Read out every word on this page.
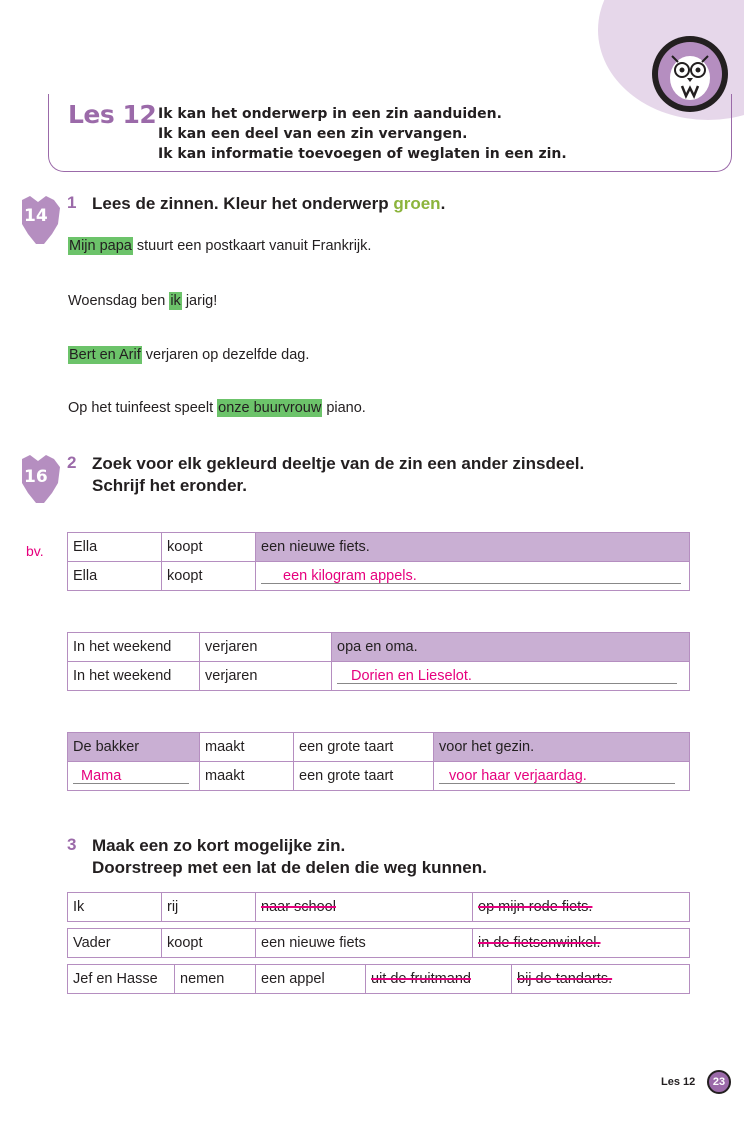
Les 12 Ik kan het onderwerp in een zin aanduiden.
Ik kan een deel van een zin vervangen.
Ik kan informatie toevoegen of weglaten in een zin.
14
1 Lees de zinnen. Kleur het onderwerp groen.
Mijn papa stuurt een postkaart vanuit Frankrijk.
Woensdag ben ik jarig!
Bert en Arif verjaren op dezelfde dag.
Op het tuinfeest speelt onze buurvrouw piano.
16
2 Zoek voor elk gekleurd deeltje van de zin een ander zinsdeel.
Schrijf het eronder.
bv. Ella	koopt	een nieuwe fiets.
Ella	koopt	een kilogram appels.
In het weekend	verjaren	opa en oma.
In het weekend	verjaren	Dorien en Lieselot.
De bakker	maakt	een grote taart	voor het gezin.
Mama	maakt	een grote taart	voor haar verjaardag.
3 Maak een zo kort mogelijke zin.
Doorstreep met een lat de delen die weg kunnen.
Ik	rij	naar school	op mijn rode fiets.
Vader	koopt	een nieuwe fiets	in de fietsenwinkel.
Jef en Hasse	nemen	een appel	uit de fruitmand	bij de tandarts.
Les 12	23
